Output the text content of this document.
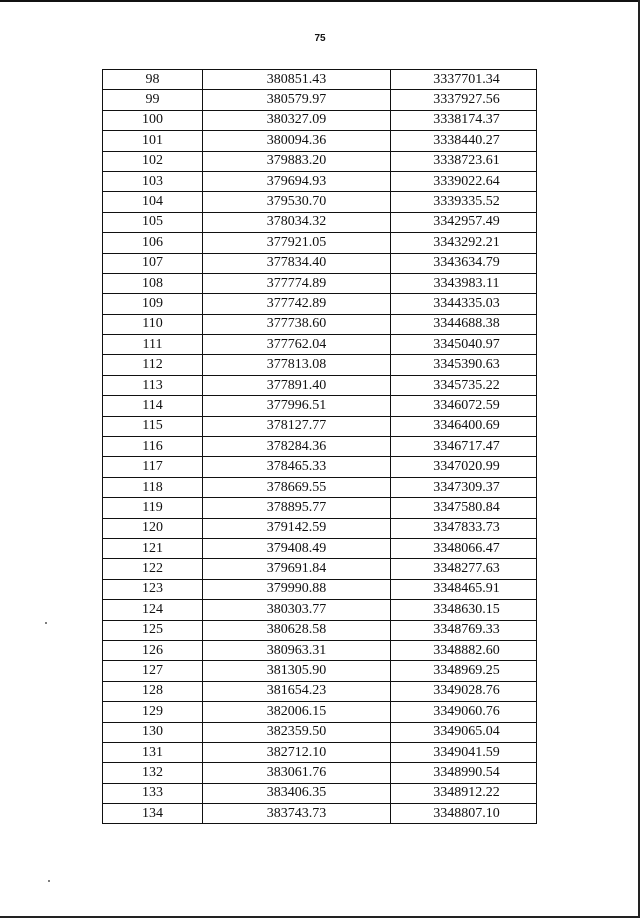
75
98	380851.43	3337701.34
99	380579.97	3337927.56
100	380327.09	3338174.37
101	380094.36	3338440.27
102	379883.20	3338723.61
103	379694.93	3339022.64
104	379530.70	3339335.52
105	378034.32	3342957.49
106	377921.05	3343292.21
107	377834.40	3343634.79
108	377774.89	3343983.11
109	377742.89	3344335.03
110	377738.60	3344688.38
111	377762.04	3345040.97
112	377813.08	3345390.63
113	377891.40	3345735.22
114	377996.51	3346072.59
115	378127.77	3346400.69
116	378284.36	3346717.47
117	378465.33	3347020.99
118	378669.55	3347309.37
119	378895.77	3347580.84
120	379142.59	3347833.73
121	379408.49	3348066.47
122	379691.84	3348277.63
123	379990.88	3348465.91
124	380303.77	3348630.15
125	380628.58	3348769.33
126	380963.31	3348882.60
127	381305.90	3348969.25
128	381654.23	3349028.76
129	382006.15	3349060.76
130	382359.50	3349065.04
131	382712.10	3349041.59
132	383061.76	3348990.54
133	383406.35	3348912.22
134	383743.73	3348807.10
